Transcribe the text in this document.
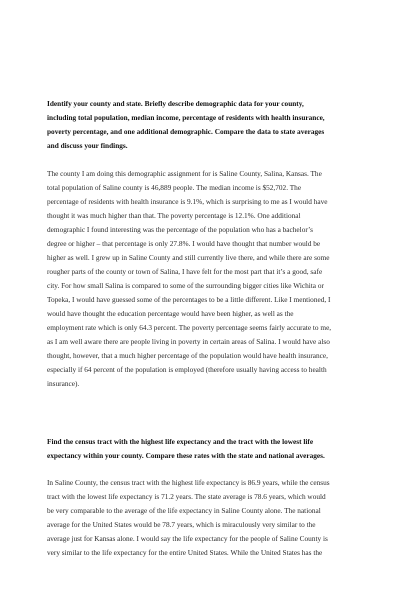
Identify your county and state. Briefly describe demographic data for your county,
including total population, median income, percentage of residents with health insurance,
poverty percentage, and one additional demographic. Compare the data to state averages
and discuss your findings.
The county I am doing this demographic assignment for is Saline County, Salina, Kansas. The
total population of Saline county is 46,889 people. The median income is $52,702. The
percentage of residents with health insurance is 9.1%, which is surprising to me as I would have
thought it was much higher than that. The poverty percentage is 12.1%. One additional
demographic I found interesting was the percentage of the population who has a bachelor’s
degree or higher – that percentage is only 27.8%. I would have thought that number would be
higher as well. I grew up in Saline County and still currently live there, and while there are some
rougher parts of the county or town of Salina, I have felt for the most part that it’s a good, safe
city. For how small Salina is compared to some of the surrounding bigger cities like Wichita or
Topeka, I would have guessed some of the percentages to be a little different. Like I mentioned, I
would have thought the education percentage would have been higher, as well as the
employment rate which is only 64.3 percent. The poverty percentage seems fairly accurate to me,
as I am well aware there are people living in poverty in certain areas of Salina. I would have also
thought, however, that a much higher percentage of the population would have health insurance,
especially if 64 percent of the population is employed (therefore usually having access to health
insurance).
Find the census tract with the highest life expectancy and the tract with the lowest life
expectancy within your county. Compare these rates with the state and national averages.
In Saline County, the census tract with the highest life expectancy is 86.9 years, while the census
tract with the lowest life expectancy is 71.2 years. The state average is 78.6 years, which would
be very comparable to the average of the life expectancy in Saline County alone. The national
average for the United States would be 78.7 years, which is miraculously very similar to the
average just for Kansas alone. I would say the life expectancy for the people of Saline County is
very similar to the life expectancy for the entire United States. While the United States has the
